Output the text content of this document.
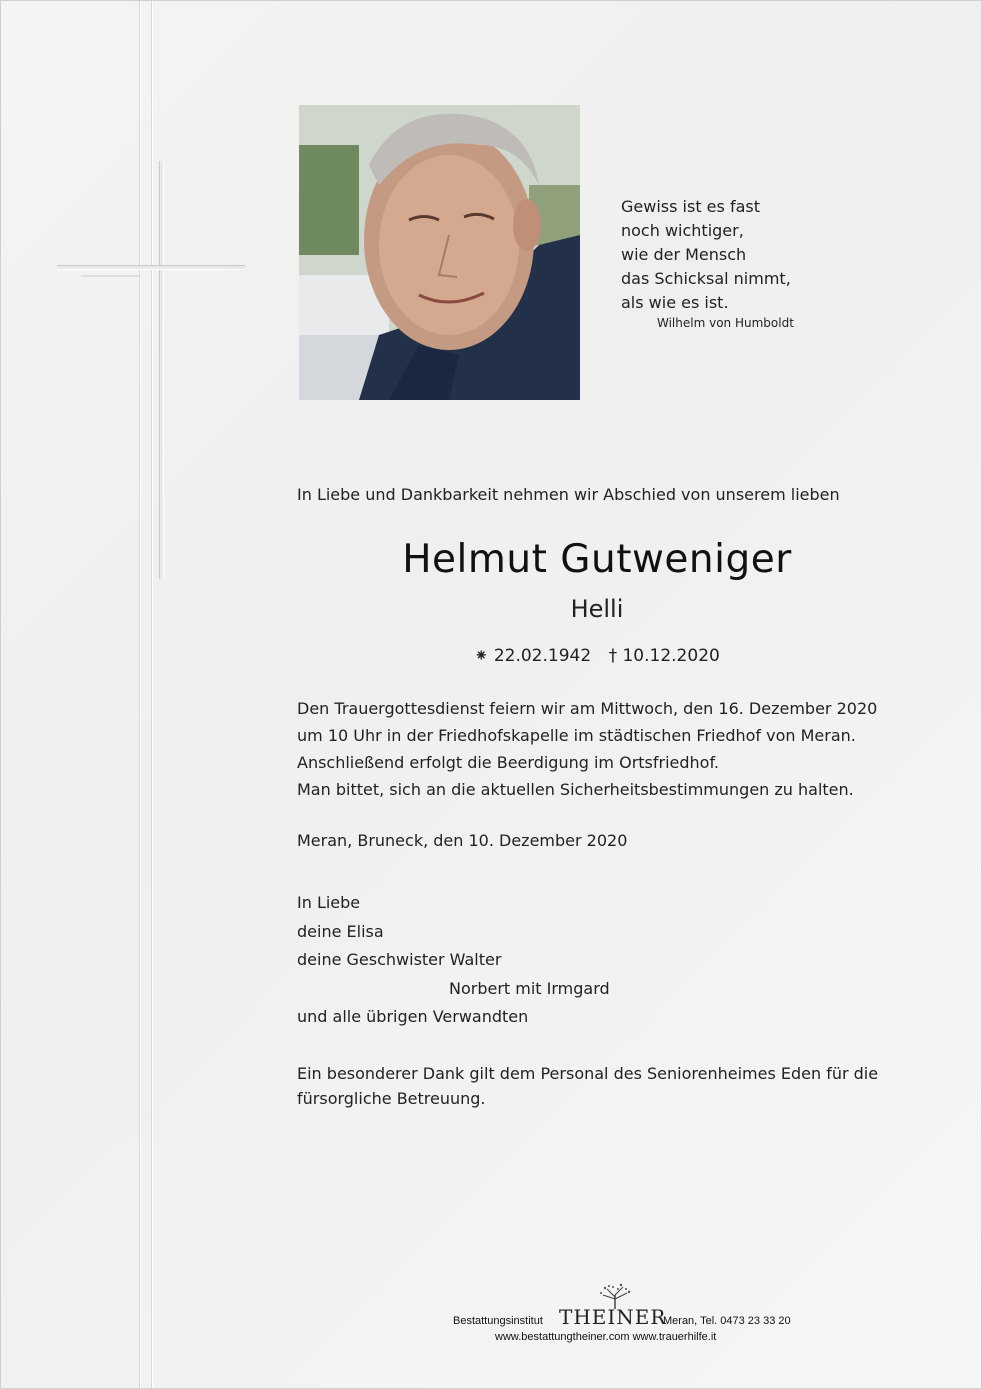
Gewiss ist es fast
noch wichtiger,
wie der Mensch
das Schicksal nimmt,
als wie es ist.
Wilhelm von Humboldt
In Liebe und Dankbarkeit nehmen wir Abschied von unserem lieben
Helmut Gutweniger
Helli
⁕ 22.02.1942 † 10.12.2020

Den Trauergottesdienst feiern wir am Mittwoch, den 16. Dezember 2020

um 10 Uhr in der Friedhofskapelle im städtischen Friedhof von Meran.

Anschließend erfolgt die Beerdigung im Ortsfriedhof.

Man bittet, sich an die aktuellen Sicherheitsbestimmungen zu halten.

Meran, Bruneck, den 10. Dezember 2020

In Liebe

deine Elisa

deine Geschwister Walter

Norbert mit Irmgard

und alle übrigen Verwandten

Ein besonderer Dank gilt dem Personal des Seniorenheimes Eden für die fürsorgliche Betreuung.
Bestattungsinstitut THEINER
Meran, Tel. 0473 23 33 20
www.bestattungtheiner.com www.trauerhilfe.it
